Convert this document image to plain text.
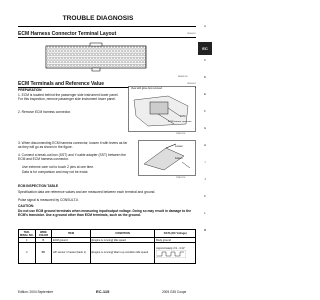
TROUBLE DIAGNOSIS
A
C
D
E
F
G
H
I
J
K
L
M
EC
ECM Harness Connector Terminal Layout	NBS000LY
MBIB0125E
ECM Terminals and Reference Value	NBS000LZ
PREPARATION
1. ECM is located behind the passenger side instrument lower panel. For this inspection, remove passenger side instrument lower panel.
2. Remove ECM harness connector.
View with glove box removed
ECM
ECM harness connector
PBIB1512E
3. When disconnecting ECM harness connector, loosen it with levers as far as they will go as shown in the figure.
4. Connect a break-out box (SST) and Y-cable adapter (SST) between the ECM and ECM harness connector.
Use extreme care not to touch 2 pins at one time.
Data is for comparison and may not be exact.
Loosen
Fasten
PBIB1512E
ECM INSPECTION TABLE
Specification data are reference values and are measured between each terminal and ground.
Pulse signal is measured by CONSULT-II.
CAUTION:
Do not use ECM ground terminals when measuring input/output voltage. Doing so may result in damage to the ECM's transistor. Use a ground other than ECM terminals, such as the ground.
TER-MINAL NO.	WIRE COLOR	ITEM	CONDITION	DATA (DC Voltage)
1	B	ECM ground	[Engine is running] Idle speed	Body ground
2	BR	A/F sensor 1 heater (bank 1)	[Engine is running] Warm-up condition Idle speed	Approximately 2.9 - 3.4V
Edition: 2004 September	EC-115	2005 G35 Coupe
